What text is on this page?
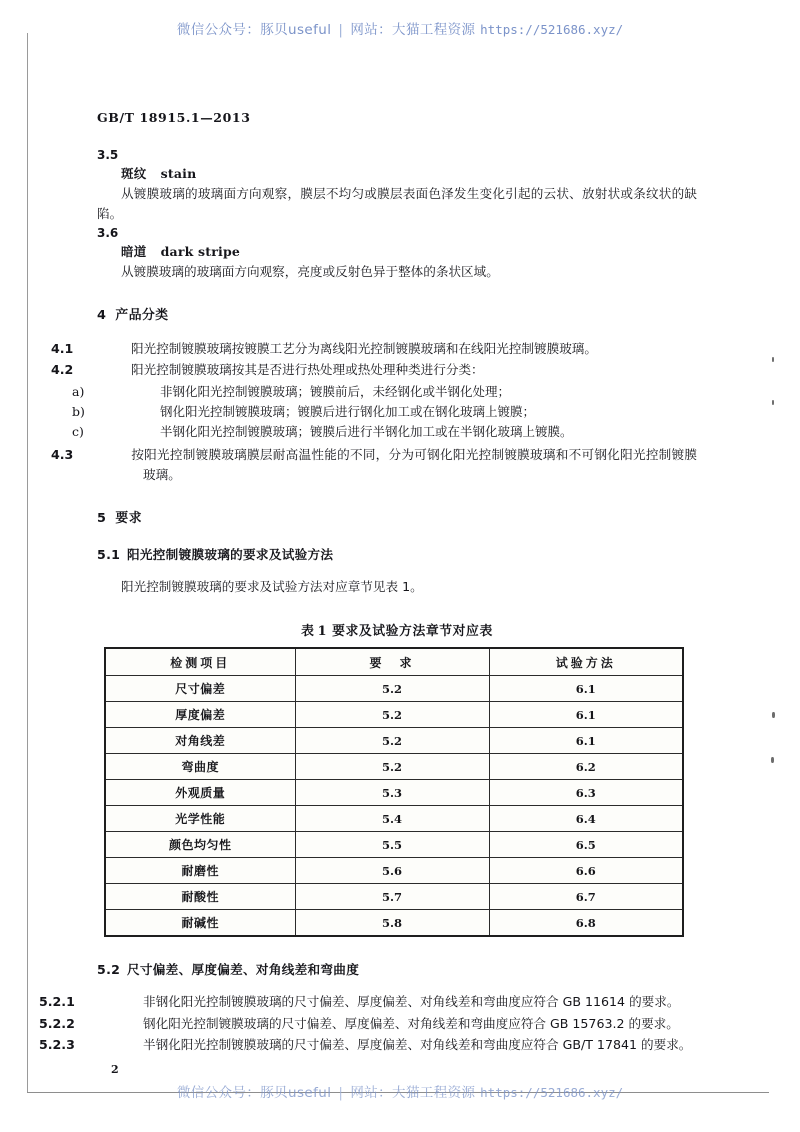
微信公众号：豚贝useful | 网站：大猫工程资源 https://521686.xyz/
微信公众号：豚贝useful | 网站：大猫工程资源 https://521686.xyz/
GB/T 18915.1—2013
3.5
斑纹 stain
从镀膜玻璃的玻璃面方向观察，膜层不均匀或膜层表面色泽发生变化引起的云状、放射状或条纹状的缺陷。
3.6
暗道 dark stripe
从镀膜玻璃的玻璃面方向观察，亮度或反射色异于整体的条状区域。
4 产品分类
4.1	阳光控制镀膜玻璃按镀膜工艺分为离线阳光控制镀膜玻璃和在线阳光控制镀膜玻璃。
4.2	阳光控制镀膜玻璃按其是否进行热处理或热处理种类进行分类：
a)	非钢化阳光控制镀膜玻璃；镀膜前后，未经钢化或半钢化处理；
b)	钢化阳光控制镀膜玻璃；镀膜后进行钢化加工或在钢化玻璃上镀膜；
c)	半钢化阳光控制镀膜玻璃；镀膜后进行半钢化加工或在半钢化玻璃上镀膜。
4.3	按阳光控制镀膜玻璃膜层耐高温性能的不同，分为可钢化阳光控制镀膜玻璃和不可钢化阳光控制镀膜玻璃。
5 要求
5.1 阳光控制镀膜玻璃的要求及试验方法
阳光控制镀膜玻璃的要求及试验方法对应章节见表 1。
表 1 要求及试验方法章节对应表
检测项目	要　求	试验方法
尺寸偏差	5.2	6.1
厚度偏差	5.2	6.1
对角线差	5.2	6.1
弯曲度	5.2	6.2
外观质量	5.3	6.3
光学性能	5.4	6.4
颜色均匀性	5.5	6.5
耐磨性	5.6	6.6
耐酸性	5.7	6.7
耐碱性	5.8	6.8
5.2 尺寸偏差、厚度偏差、对角线差和弯曲度
5.2.1	非钢化阳光控制镀膜玻璃的尺寸偏差、厚度偏差、对角线差和弯曲度应符合 GB 11614 的要求。
5.2.2	钢化阳光控制镀膜玻璃的尺寸偏差、厚度偏差、对角线差和弯曲度应符合 GB 15763.2 的要求。
5.2.3	半钢化阳光控制镀膜玻璃的尺寸偏差、厚度偏差、对角线差和弯曲度应符合 GB/T 17841 的要求。
2
